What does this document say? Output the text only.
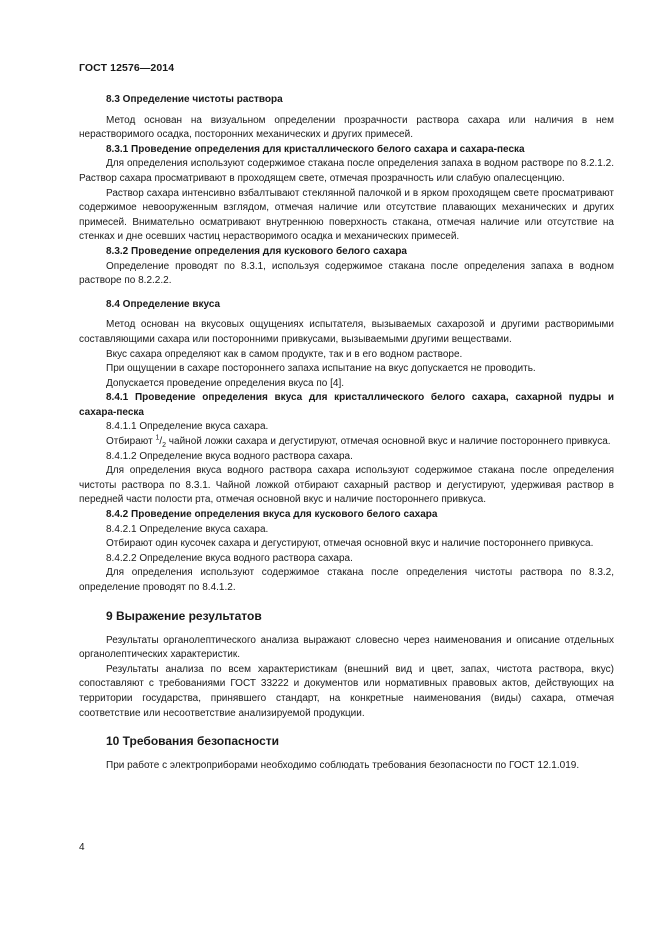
ГОСТ 12576—2014
8.3 Определение чистоты раствора

Метод основан на визуальном определении прозрачности раствора сахара или наличия в нем нерастворимого осадка, посторонних механических и других примесей.

8.3.1 Проведение определения для кристаллического белого сахара и сахара-песка

Для определения используют содержимое стакана после определения запаха в водном растворе по 8.2.1.2. Раствор сахара просматривают в проходящем свете, отмечая прозрачность или слабую опалесценцию.

Раствор сахара интенсивно взбалтывают стеклянной палочкой и в ярком проходящем свете просматривают содержимое невооруженным взглядом, отмечая наличие или отсутствие плавающих механических и других примесей. Внимательно осматривают внутреннюю поверхность стакана, отмечая наличие или отсутствие на стенках и дне осевших частиц нерастворимого осадка и механических примесей.

8.3.2 Проведение определения для кускового белого сахара

Определение проводят по 8.3.1, используя содержимое стакана после определения запаха в водном растворе по 8.2.2.2.

8.4 Определение вкуса

Метод основан на вкусовых ощущениях испытателя, вызываемых сахарозой и другими растворимыми составляющими сахара или посторонними привкусами, вызываемыми другими веществами.

Вкус сахара определяют как в самом продукте, так и в его водном растворе.

При ощущении в сахаре постороннего запаха испытание на вкус допускается не проводить.

Допускается проведение определения вкуса по [4].

8.4.1 Проведение определения вкуса для кристаллического белого сахара, сахарной пудры и сахара-песка

8.4.1.1 Определение вкуса сахара.

Отбирают $^1/_2$ чайной ложки сахара и дегустируют, отмечая основной вкус и наличие постороннего привкуса.

8.4.1.2 Определение вкуса водного раствора сахара.

Для определения вкуса водного раствора сахара используют содержимое стакана после определения чистоты раствора по 8.3.1. Чайной ложкой отбирают сахарный раствор и дегустируют, удерживая раствор в передней части полости рта, отмечая основной вкус и наличие постороннего привкуса.

8.4.2 Проведение определения вкуса для кускового белого сахара

8.4.2.1 Определение вкуса сахара.

Отбирают один кусочек сахара и дегустируют, отмечая основной вкус и наличие постороннего привкуса.

8.4.2.2 Определение вкуса водного раствора сахара.

Для определения используют содержимое стакана после определения чистоты раствора по 8.3.2, определение проводят по 8.4.1.2.

9 Выражение результатов

Результаты органолептического анализа выражают словесно через наименования и описание отдельных органолептических характеристик.

Результаты анализа по всем характеристикам (внешний вид и цвет, запах, чистота раствора, вкус) сопоставляют с требованиями ГОСТ 33222 и документов или нормативных правовых актов, действующих на территории государства, принявшего стандарт, на конкретные наименования (виды) сахара, отмечая соответствие или несоответствие анализируемой продукции.

10 Требования безопасности

При работе с электроприборами необходимо соблюдать требования безопасности по ГОСТ 12.1.019.

4
